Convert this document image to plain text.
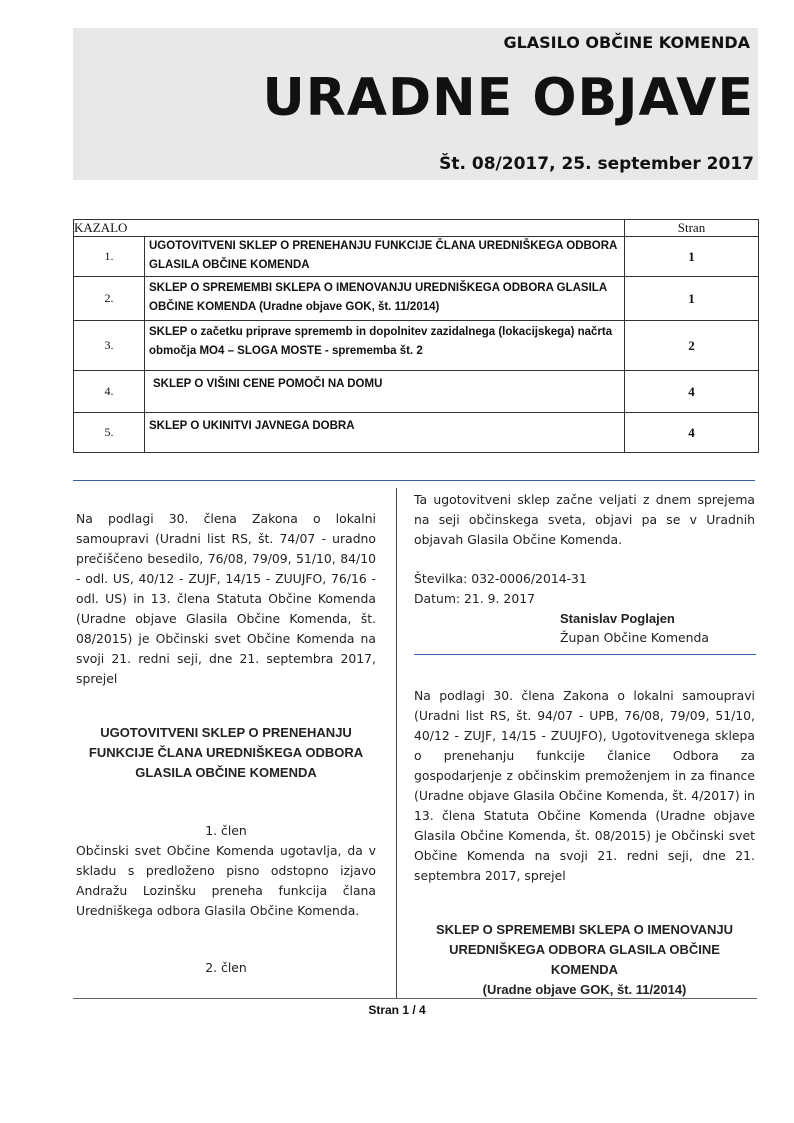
GLASILO OBČINE KOMENDA
URADNE OBJAVE
Št. 08/2017, 25. september 2017
KAZALO		Stran
1.	UGOTOVITVENI SKLEP O PRENEHANJU FUNKCIJE ČLANA UREDNIŠKEGA ODBORA GLASILA OBČINE KOMENDA	1
2.	SKLEP O SPREMEMBI SKLEPA O IMENOVANJU UREDNIŠKEGA ODBORA GLASILA OBČINE KOMENDA (Uradne objave GOK, št. 11/2014)	1
3.	SKLEP o začetku priprave sprememb in dopolnitev zazidalnega (lokacijskega) načrta območja MO4 – SLOGA MOSTE - sprememba št. 2	2
4.	SKLEP O VIŠINI CENE POMOČI NA DOMU	4
5.	SKLEP O UKINITVI JAVNEGA DOBRA	4
Na podlagi 30. člena Zakona o lokalni samoupravi (Uradni list RS, št. 74/07 - uradno prečiščeno besedilo, 76/08, 79/09, 51/10, 84/10 - odl. US, 40/12 - ZUJF, 14/15 - ZUUJFO, 76/16 - odl. US) in 13. člena Statuta Občine Komenda (Uradne objave Glasila Občine Komenda, št. 08/2015) je Občinski svet Občine Komenda na svoji 21. redni seji, dne 21. septembra 2017, sprejel
UGOTOVITVENI SKLEP O PRENEHANJU
FUNKCIJE ČLANA UREDNIŠKEGA ODBORA
GLASILA OBČINE KOMENDA
1. člen
Občinski svet Občine Komenda ugotavlja, da v skladu s predloženo pisno odstopno izjavo Andražu Lozinšku preneha funkcija člana Uredniškega odbora Glasila Občine Komenda.
2. člen
Ta ugotovitveni sklep začne veljati z dnem sprejema na seji občinskega sveta, objavi pa se v Uradnih objavah Glasila Občine Komenda.
Številka: 032-0006/2014-31
Datum: 21. 9. 2017
Stanislav Poglajen
Župan Občine Komenda
Na podlagi 30. člena Zakona o lokalni samoupravi (Uradni list RS, št. 94/07 - UPB, 76/08, 79/09, 51/10, 40/12 - ZUJF, 14/15 - ZUUJFO), Ugotovitvenega sklepa o prenehanju funkcije članice Odbora za gospodarjenje z občinskim premoženjem in za finance (Uradne objave Glasila Občine Komenda, št. 4/2017) in 13. člena Statuta Občine Komenda (Uradne objave Glasila Občine Komenda, št. 08/2015) je Občinski svet Občine Komenda na svoji 21. redni seji, dne 21. septembra 2017, sprejel
SKLEP O SPREMEMBI SKLEPA O IMENOVANJU
UREDNIŠKEGA ODBORA GLASILA OBČINE KOMENDA
(Uradne objave GOK, št. 11/2014)
Stran 1 / 4
